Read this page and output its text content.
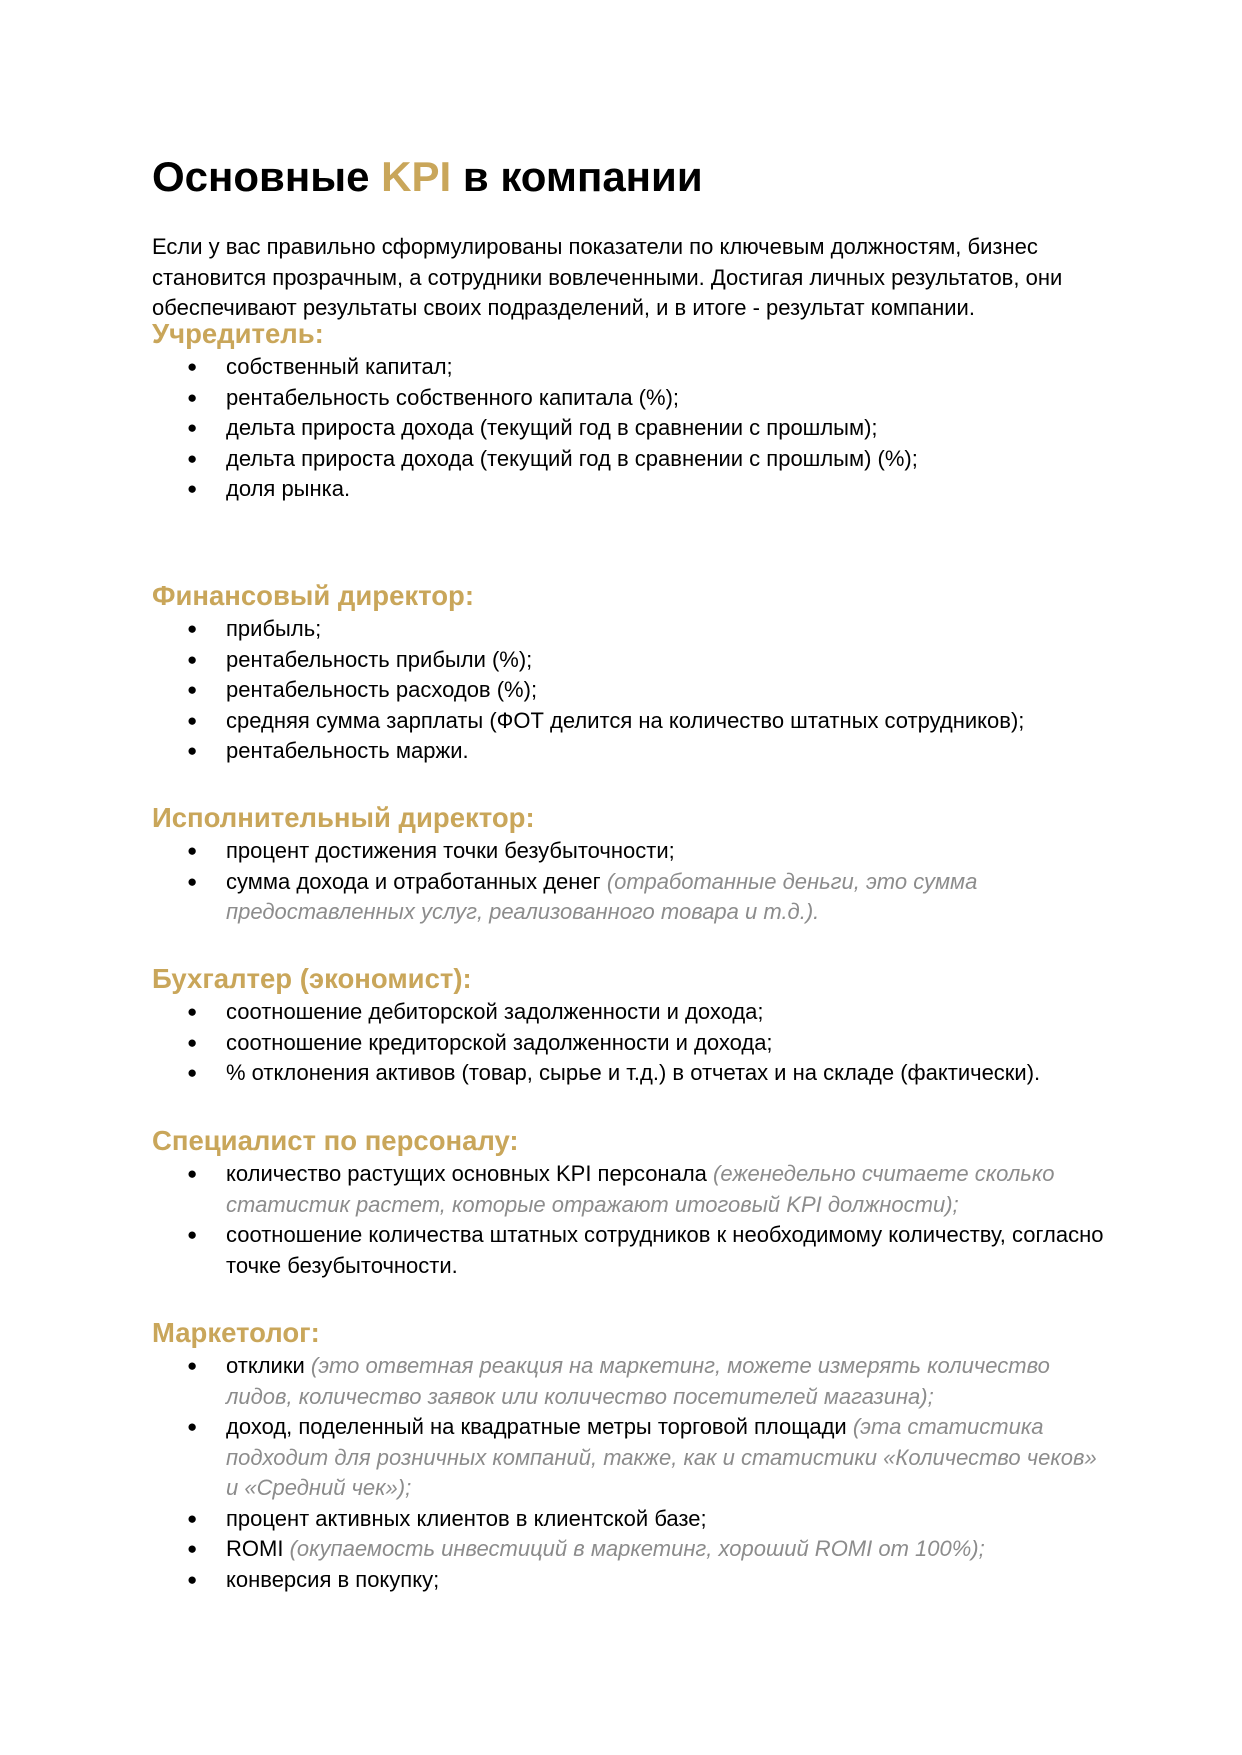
Основные KPI в компании

Если у вас правильно сформулированы показатели по ключевым должностям, бизнес становится прозрачным, а сотрудники вовлеченными. Достигая личных результатов, они обеспечивают результаты своих подразделений, и в итоге - результат компании.

Учредитель:
● собственный капитал;
● рентабельность собственного капитала (%);
● дельта прироста дохода (текущий год в сравнении с прошлым);
● дельта прироста дохода (текущий год в сравнении с прошлым) (%);
● доля рынка.
Финансовый директор:
● прибыль;
● рентабельность прибыли (%);
● рентабельность расходов (%);
● средняя сумма зарплаты (ФОТ делится на количество штатных сотрудников);
● рентабельность маржи.
Исполнительный директор:
● процент достижения точки безубыточности;
● сумма дохода и отработанных денег (отработанные деньги, это сумма предоставленных услуг, реализованного товара и т.д.).
Бухгалтер (экономист):
● соотношение дебиторской задолженности и дохода;
● соотношение кредиторской задолженности и дохода;
● % отклонения активов (товар, сырье и т.д.) в отчетах и на складе (фактически).
Специалист по персоналу:
● количество растущих основных KPI персонала (еженедельно считаете сколько статистик растет, которые отражают итоговый KPI должности);
● соотношение количества штатных сотрудников к необходимому количеству, согласно точке безубыточности.
Маркетолог:
● отклики (это ответная реакция на маркетинг, можете измерять количество лидов, количество заявок или количество посетителей магазина);
● доход, поделенный на квадратные метры торговой площади (эта статистика подходит для розничных компаний, также, как и статистики «Количество чеков» и «Средний чек»);
● процент активных клиентов в клиентской базе;
● ROMI (окупаемость инвестиций в маркетинг, хороший ROMI от 100%);
● конверсия в покупку;
